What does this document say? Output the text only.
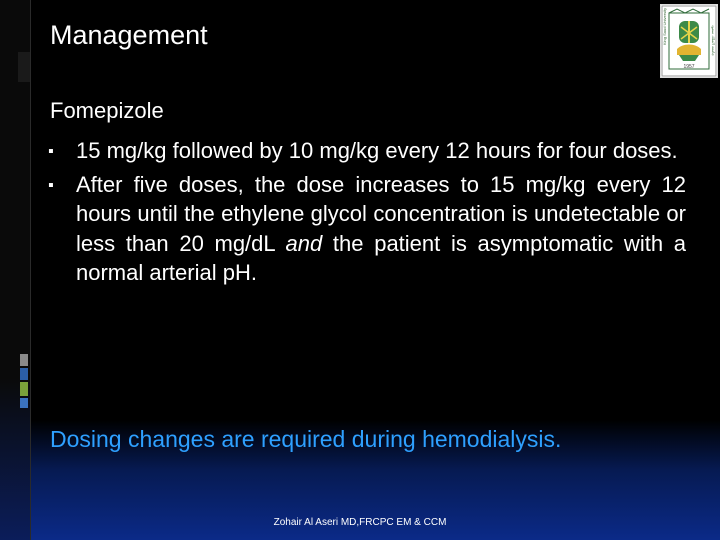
Management
1957
King Saud University	جامعة الملك سعود
Fomepizole
▪ 15 mg/kg followed by 10 mg/kg every 12 hours for four doses.
▪ After five doses, the dose increases to 15 mg/kg every 12 hours until the ethylene glycol concentration is undetectable or less than 20 mg/dL and the patient is asymptomatic with a normal arterial pH.
Dosing changes are required during hemodialysis.
Zohair Al Aseri MD,FRCPC EM & CCM
